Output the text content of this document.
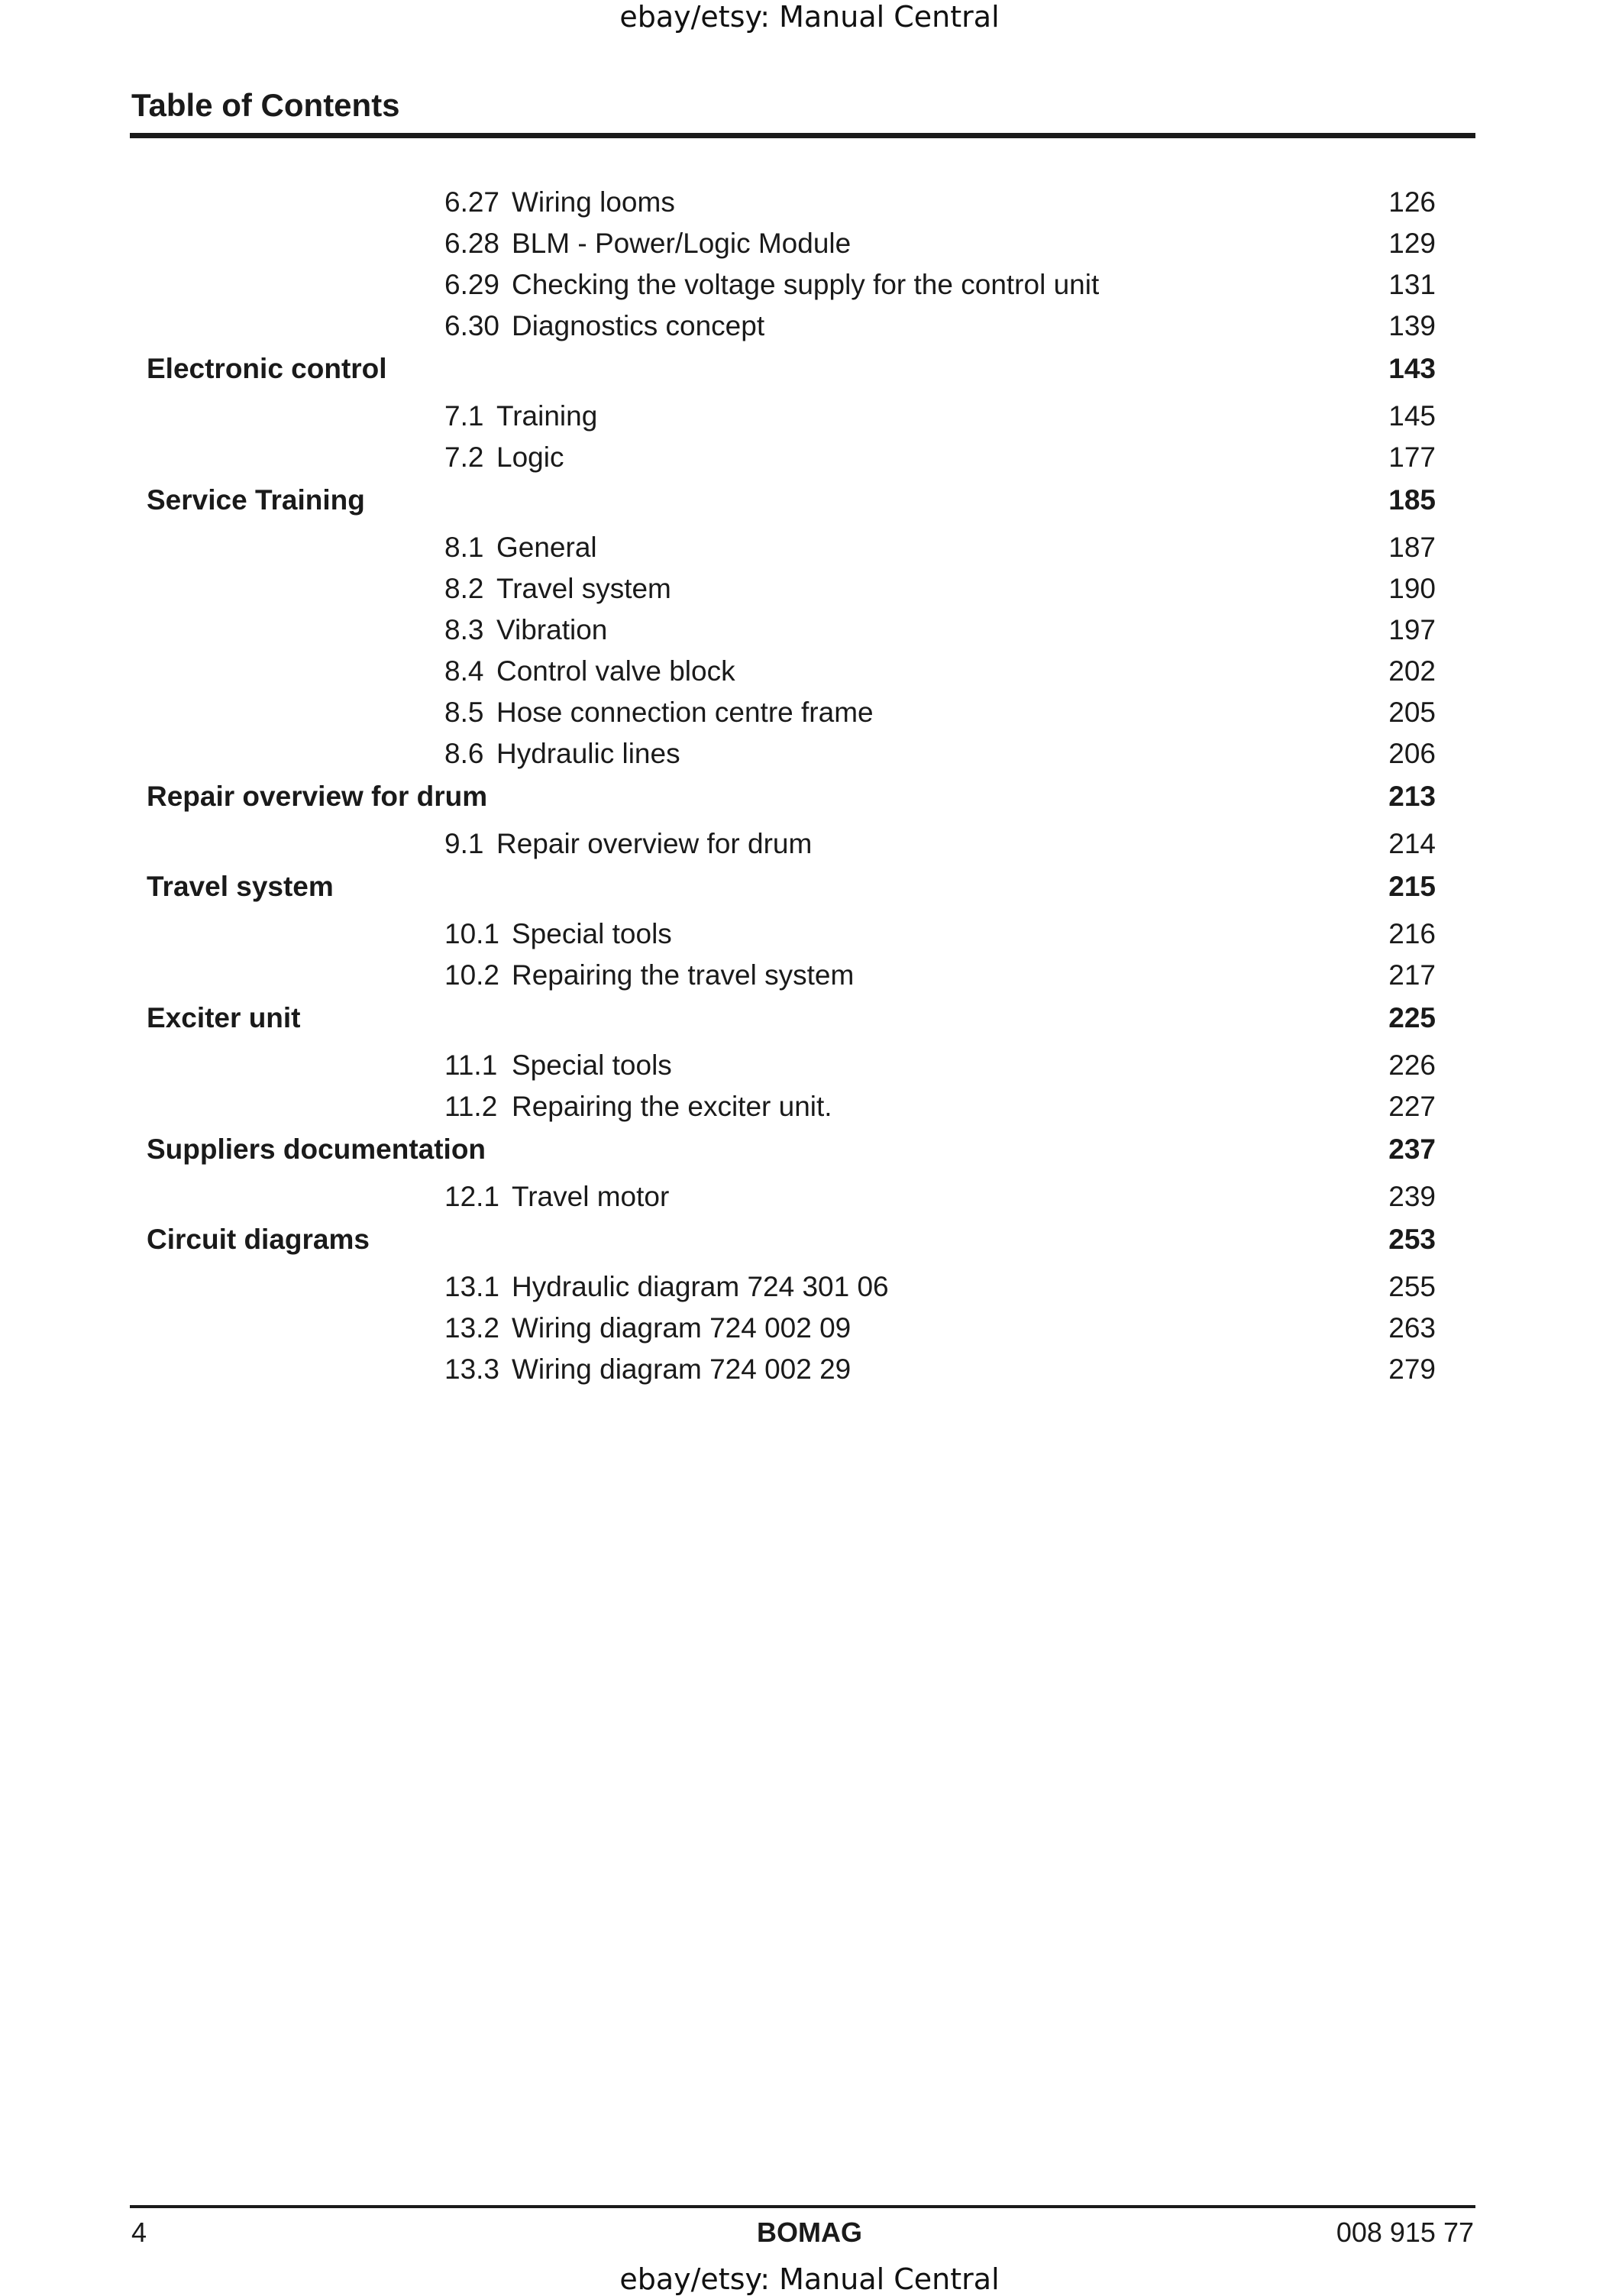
ebay/etsy: Manual Central
Table of Contents
6.27 Wiring looms	126
6.28 BLM - Power/Logic Module	129
6.29 Checking the voltage supply for the control unit	131
6.30 Diagnostics concept	139
Electronic control	143
7.1 Training	145
7.2 Logic	177
Service Training	185
8.1 General	187
8.2 Travel system	190
8.3 Vibration	197
8.4 Control valve block	202
8.5 Hose connection centre frame	205
8.6 Hydraulic lines	206
Repair overview for drum	213
9.1 Repair overview for drum	214
Travel system	215
10.1 Special tools	216
10.2 Repairing the travel system	217
Exciter unit	225
11.1 Special tools	226
11.2 Repairing the exciter unit.	227
Suppliers documentation	237
12.1 Travel motor	239
Circuit diagrams	253
13.1 Hydraulic diagram 724 301 06	255
13.2 Wiring diagram 724 002 09	263
13.3 Wiring diagram 724 002 29	279
4	BOMAG	008 915 77
ebay/etsy: Manual Central
